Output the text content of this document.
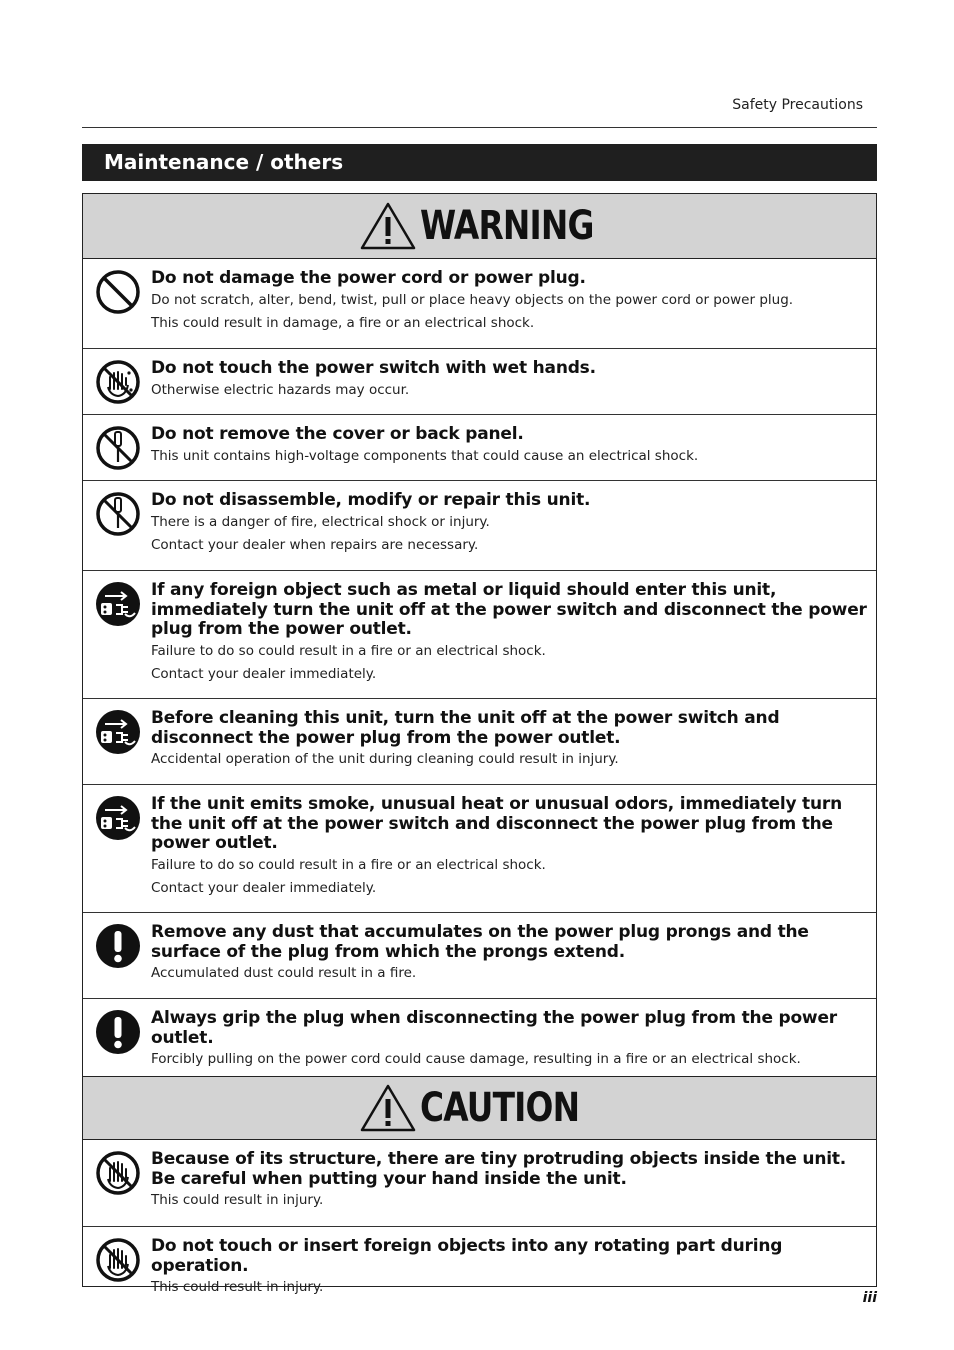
Safety Precautions
Maintenance / others
WARNING
Do not damage the power cord or power plug.
Do not scratch, alter, bend, twist, pull or place heavy objects on the power cord or power plug.
This could result in damage, a fire or an electrical shock.
Do not touch the power switch with wet hands.
Otherwise electric hazards may occur.
Do not remove the cover or back panel.
This unit contains high-voltage components that could cause an electrical shock.
Do not disassemble, modify or repair this unit.
There is a danger of fire, electrical shock or injury.
Contact your dealer when repairs are necessary.
If any foreign object such as metal or liquid should enter this unit, immediately turn the unit off at the power switch and disconnect the power plug from the power outlet.
Failure to do so could result in a fire or an electrical shock.
Contact your dealer immediately.
Before cleaning this unit, turn the unit off at the power switch and disconnect the power plug from the power outlet.
Accidental operation of the unit during cleaning could result in injury.
If the unit emits smoke, unusual heat or unusual odors, immediately turn the unit off at the power switch and disconnect the power plug from the power outlet.
Failure to do so could result in a fire or an electrical shock.
Contact your dealer immediately.
Remove any dust that accumulates on the power plug prongs and the surface of the plug from which the prongs extend.
Accumulated dust could result in a fire.
Always grip the plug when disconnecting the power plug from the power outlet.
Forcibly pulling on the power cord could cause damage, resulting in a fire or an electrical shock.
CAUTION
Because of its structure, there are tiny protruding objects inside the unit. Be careful when putting your hand inside the unit.
This could result in injury.
Do not touch or insert foreign objects into any rotating part during operation.
This could result in injury.
iii
